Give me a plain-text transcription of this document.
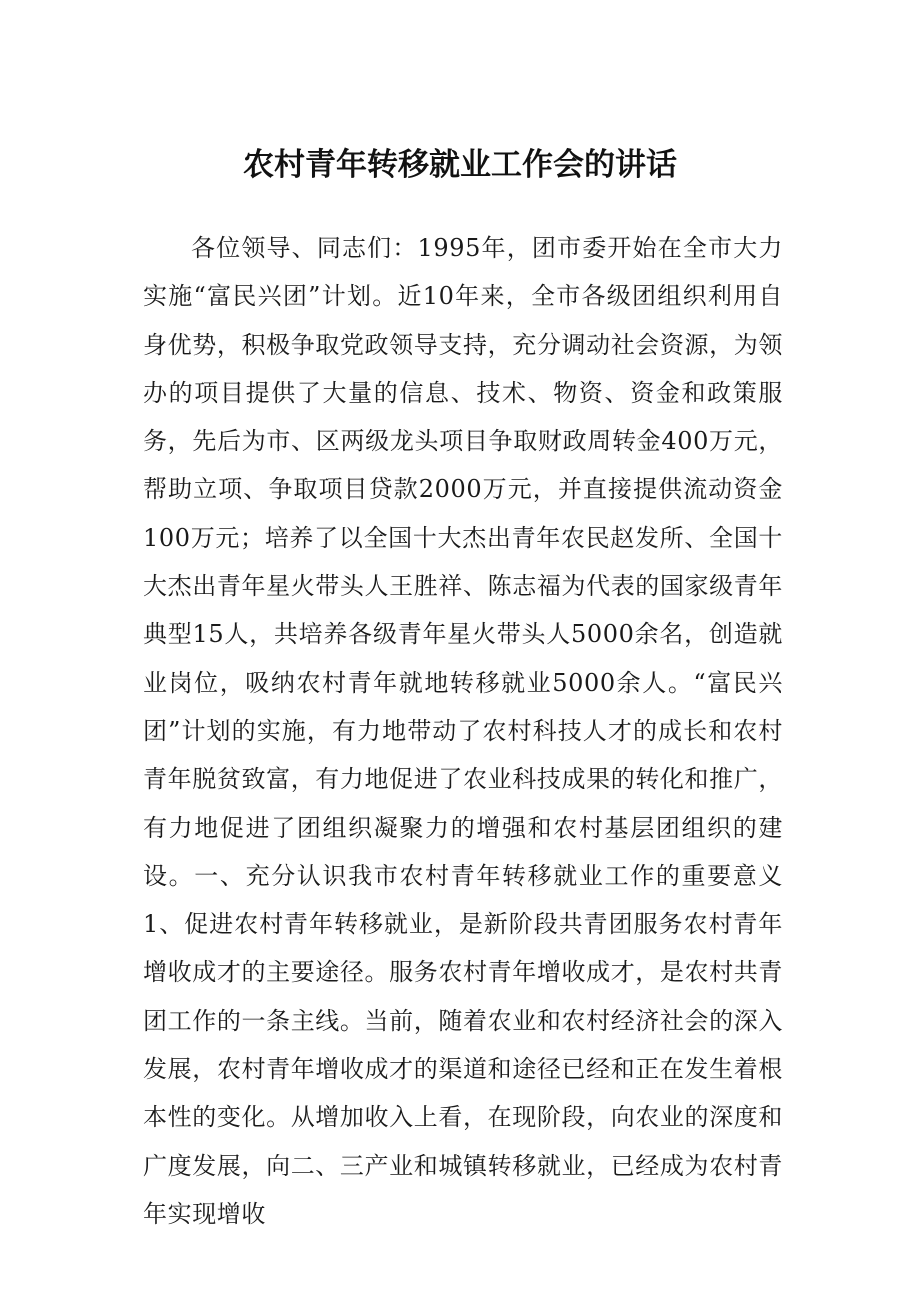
农村青年转移就业工作会的讲话

各位领导、同志们：1995年，团市委开始在全市大力实施“富民兴团”计划。近10年来，全市各级团组织利用自身优势，积极争取党政领导支持，充分调动社会资源，为领办的项目提供了大量的信息、技术、物资、资金和政策服务，先后为市、区两级龙头项目争取财政周转金400万元，帮助立项、争取项目贷款2000万元，并直接提供流动资金100万元；培养了以全国十大杰出青年农民赵发所、全国十大杰出青年星火带头人王胜祥、陈志福为代表的国家级青年典型15人，共培养各级青年星火带头人5000余名，创造就业岗位，吸纳农村青年就地转移就业5000余人。“富民兴团”计划的实施，有力地带动了农村科技人才的成长和农村青年脱贫致富，有力地促进了农业科技成果的转化和推广，有力地促进了团组织凝聚力的增强和农村基层团组织的建设。一、充分认识我市农村青年转移就业工作的重要意义 1、促进农村青年转移就业，是新阶段共青团服务农村青年增收成才的主要途径。服务农村青年增收成才，是农村共青团工作的一条主线。当前，随着农业和农村经济社会的深入发展，农村青年增收成才的渠道和途径已经和正在发生着根本性的变化。从增加收入上看，在现阶段，向农业的深度和广度发展，向二、三产业和城镇转移就业，已经成为农村青年实现增收
